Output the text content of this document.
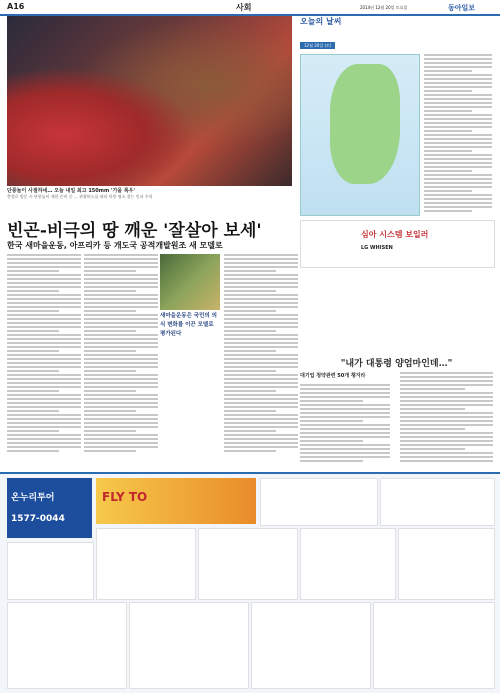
A16	사회	2014년 12월 20일 토요일	동아일보
단풍놀이 사절하네… 오늘 내일 최고 150mm '가을 폭우'
충정로 방문 시 단풍놀이 제한 준비 중 … 관광버스를 따라 단풍 명소 찾는 인파 주의
빈곤-비극의 땅 깨운 '잘살아 보세'
한국 새마을운동, 아프리카 등 개도국 공적개발원조 새 모델로
새마을운동은 국민의 의식 변화를 이끈 모델로 평가된다
오늘의 날씨
12월 20일 (토)
심아 시스템 보일러
LG WHISEN
"내가 대통령 양엄마인데…"
대기업 청약관련 50개 챙겨라
온누리투어
1577-0044
FLY TO
